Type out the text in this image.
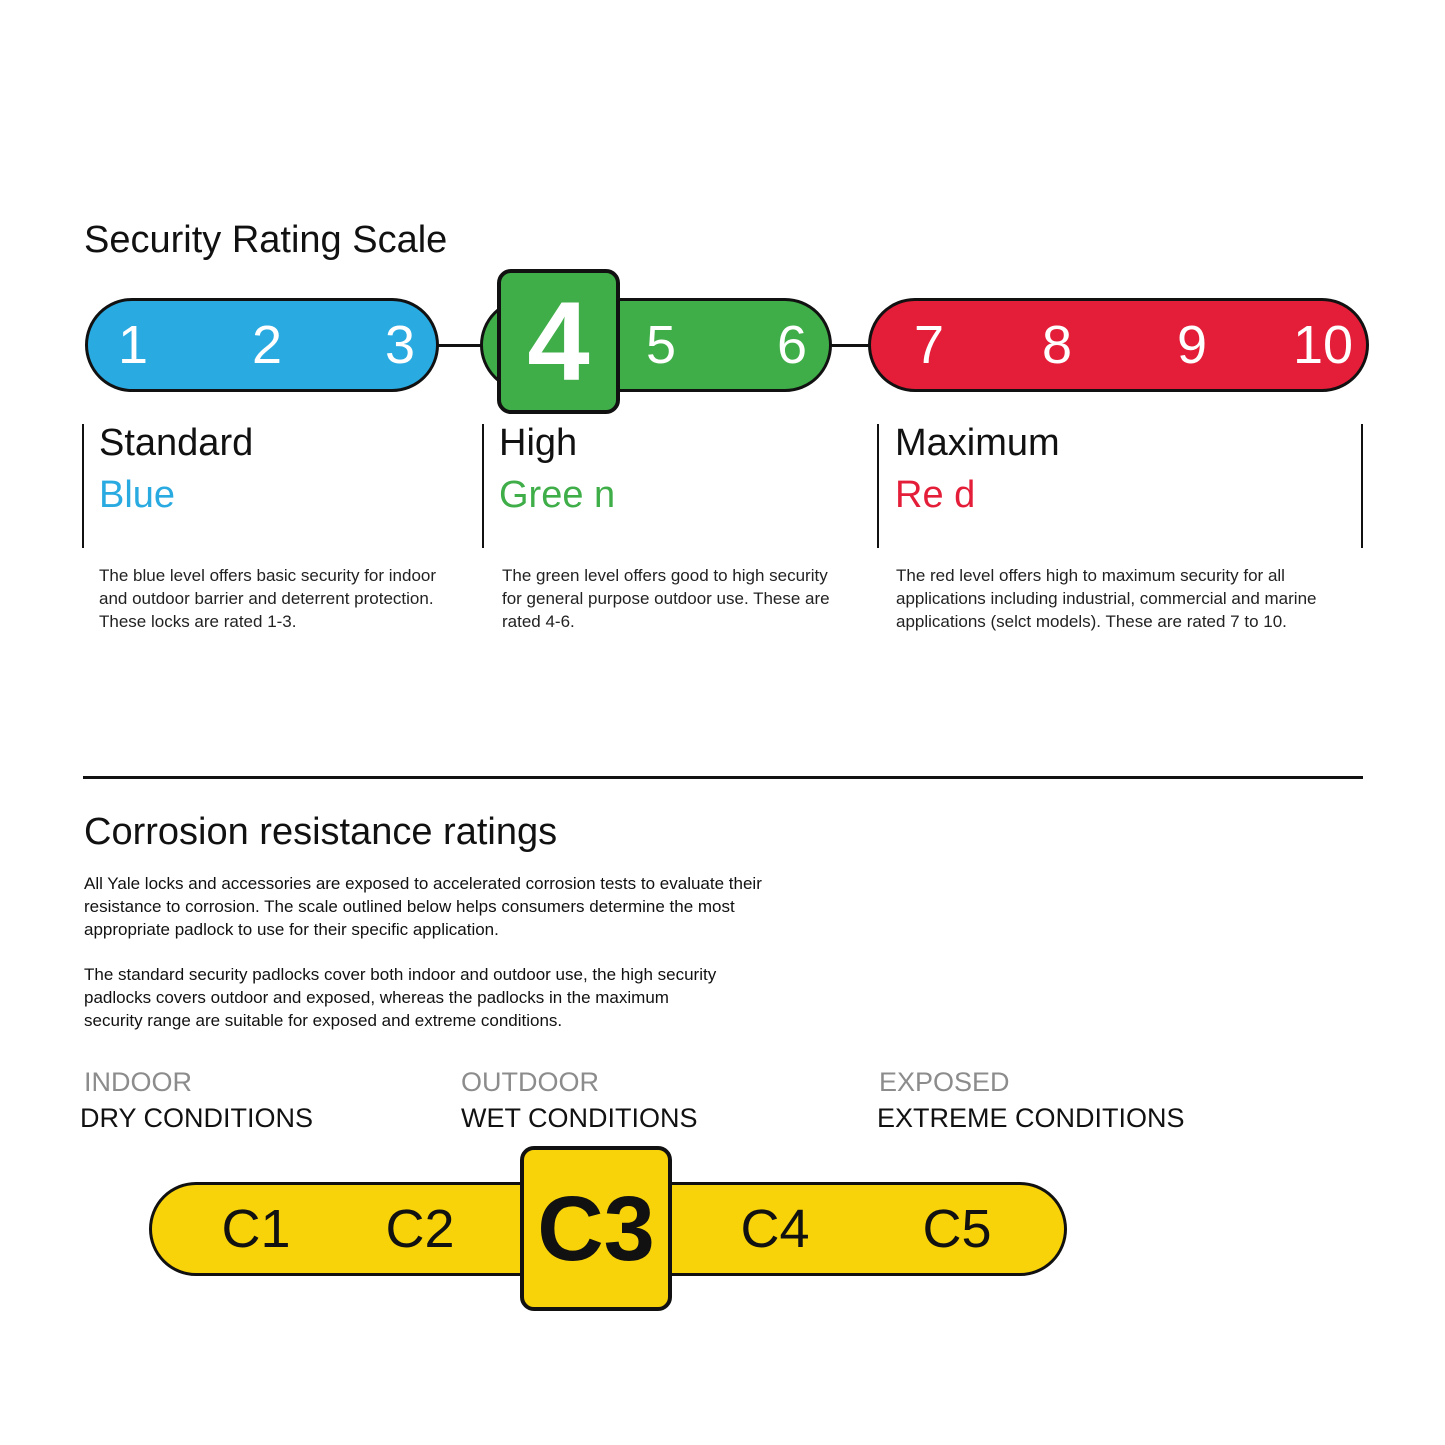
Security Rating Scale
1 2 3	5 6
4	7 8 9 10
Standard
Blue
The blue level offers basic security for indoor and outdoor barrier and deterrent protection. These locks are rated 1-3.
High
Gree n
The green level offers good to high security for general purpose outdoor use. These are rated 4-6.
Maximum
Re d
The red level offers high to maximum security for all applications including industrial, commercial and marine applications (selct models). These are rated 7 to 10.
Corrosion resistance ratings

All Yale locks and accessories are exposed to accelerated corrosion tests to evaluate their resistance to corrosion. The scale outlined below helps consumers determine the most appropriate padlock to use for their specific application.

The standard security padlocks cover both indoor and outdoor use, the high security padlocks covers outdoor and exposed, whereas the padlocks in the maximum security range are suitable for exposed and extreme conditions.

INDOOR
DRY CONDITIONS
OUTDOOR
WET CONDITIONS
EXPOSED
EXTREME CONDITIONS
C1 C2	C4 C5
C3
